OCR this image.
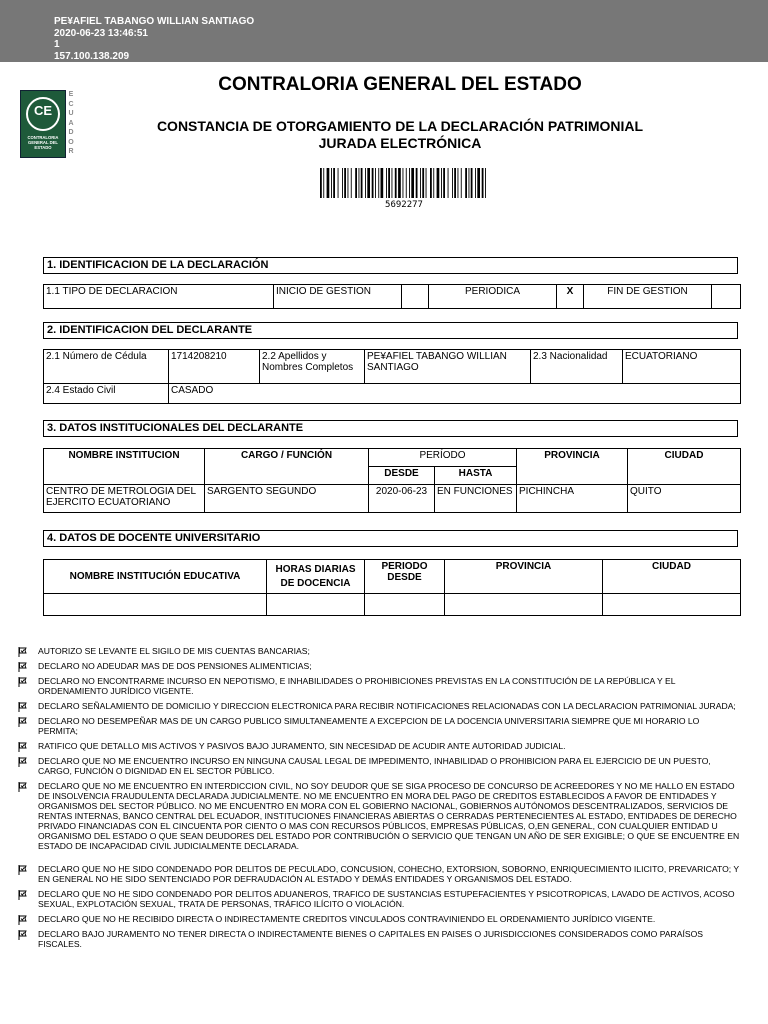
PE¥AFIEL TABANGO WILLIAN SANTIAGO
2020-06-23 13:46:51
1
157.100.138.209
CE
CONTRALORIA GENERAL DEL ESTADO
E
C
U
A
D
O
R
CONTRALORIA GENERAL DEL ESTADO
CONSTANCIA DE OTORGAMIENTO DE LA DECLARACIÓN PATRIMONIAL
JURADA ELECTRÓNICA
5692277
1. IDENTIFICACION DE LA DECLARACIÓN
1.1 TIPO DE DECLARACION	INICIO DE GESTION		PERIODICA	X	FIN DE GESTION	
2. IDENTIFICACION DEL DECLARANTE
2.1 Número de Cédula	1714208210	2.2 Apellidos y Nombres Completos	PE¥AFIEL TABANGO WILLIAN SANTIAGO	2.3 Nacionalidad	ECUATORIANO
2.4 Estado Civil	CASADO				
3. DATOS INSTITUCIONALES DEL DECLARANTE
NOMBRE INSTITUCION	CARGO / FUNCIÓN	PERÍODO		PROVINCIA	CIUDAD
		DESDE	HASTA		
CENTRO DE METROLOGIA DEL EJERCITO ECUATORIANO	SARGENTO SEGUNDO	2020-06-23	EN FUNCIONES	PICHINCHA	QUITO
4. DATOS DE DOCENTE UNIVERSITARIO
NOMBRE INSTITUCIÓN EDUCATIVA	HORAS DIARIAS DE DOCENCIA	PERIODO DESDE	PROVINCIA	CIUDAD

AUTORIZO SE LEVANTE EL SIGILO DE MIS CUENTAS BANCARIAS;
DECLARO NO ADEUDAR MAS DE DOS PENSIONES ALIMENTICIAS;
DECLARO NO ENCONTRARME INCURSO EN NEPOTISMO, E INHABILIDADES O PROHIBICIONES PREVISTAS EN LA CONSTITUCIÓN DE LA REPÚBLICA Y EL ORDENAMIENTO JURÍDICO VIGENTE.
DECLARO SEÑALAMIENTO DE DOMICILIO Y DIRECCION ELECTRONICA PARA RECIBIR NOTIFICACIONES RELACIONADAS CON LA DECLARACION PATRIMONIAL JURADA;
DECLARO NO DESEMPEÑAR MAS DE UN CARGO PUBLICO SIMULTANEAMENTE A EXCEPCION DE LA DOCENCIA UNIVERSITARIA SIEMPRE QUE MI HORARIO LO PERMITA;
RATIFICO QUE DETALLO MIS ACTIVOS Y PASIVOS BAJO JURAMENTO, SIN NECESIDAD DE ACUDIR ANTE AUTORIDAD JUDICIAL.
DECLARO QUE NO ME ENCUENTRO INCURSO EN NINGUNA CAUSAL LEGAL DE IMPEDIMENTO, INHABILIDAD O PROHIBICION PARA EL EJERCICIO DE UN PUESTO, CARGO, FUNCIÓN O DIGNIDAD EN EL SECTOR PÚBLICO.
DECLARO QUE NO ME ENCUENTRO EN INTERDICCION CIVIL, NO SOY DEUDOR QUE SE SIGA PROCESO DE CONCURSO DE ACREEDORES Y NO ME HALLO EN ESTADO DE INSOLVENCIA FRAUDULENTA DECLARADA JUDICIALMENTE. NO ME ENCUENTRO EN MORA DEL PAGO DE CREDITOS ESTABLECIDOS A FAVOR DE ENTIDADES Y ORGANISMOS DEL SECTOR PÚBLICO. NO ME ENCUENTRO EN MORA CON EL GOBIERNO NACIONAL, GOBIERNOS AUTÓNOMOS DESCENTRALIZADOS, SERVICIOS DE RENTAS INTERNAS, BANCO CENTRAL DEL ECUADOR, INSTITUCIONES FINANCIERAS ABIERTAS O CERRADAS PERTENECIENTES AL ESTADO, ENTIDADES DE DERECHO PRIVADO FINANCIADAS CON EL CINCUENTA POR CIENTO O MAS CON RECURSOS PÚBLICOS, EMPRESAS PÚBLICAS, O,EN GENERAL, CON CUALQUIER ENTIDAD U ORGANISMO DEL ESTADO O QUE SEAN DEUDORES DEL ESTADO POR CONTRIBUCIÓN O SERVICIO QUE TENGAN UN AÑO DE SER EXIGIBLE; O QUE SE ENCUENTRE EN ESTADO DE INCAPACIDAD CIVIL JUDICIALMENTE DECLARADA.
DECLARO QUE NO HE SIDO CONDENADO POR DELITOS DE PECULADO, CONCUSION, COHECHO, EXTORSION, SOBORNO, ENRIQUECIMIENTO ILICITO, PREVARICATO; Y EN GENERAL NO HE SIDO SENTENCIADO POR DEFRAUDACIÓN AL ESTADO Y DEMÁS ENTIDADES Y ORGANISMOS DEL ESTADO.
DECLARO QUE NO HE SIDO CONDENADO POR DELITOS ADUANEROS, TRAFICO DE SUSTANCIAS ESTUPEFACIENTES Y PSICOTROPICAS, LAVADO DE ACTIVOS, ACOSO SEXUAL, EXPLOTACIÓN SEXUAL, TRATA DE PERSONAS, TRÁFICO ILÍCITO O VIOLACIÓN.
DECLARO QUE NO HE RECIBIDO DIRECTA O INDIRECTAMENTE CREDITOS VINCULADOS CONTRAVINIENDO EL ORDENAMIENTO JURÍDICO VIGENTE.
DECLARO BAJO JURAMENTO NO TENER DIRECTA O INDIRECTAMENTE BIENES O CAPITALES EN PAISES O JURISDICCIONES CONSIDERADOS COMO PARAÍSOS FISCALES.
